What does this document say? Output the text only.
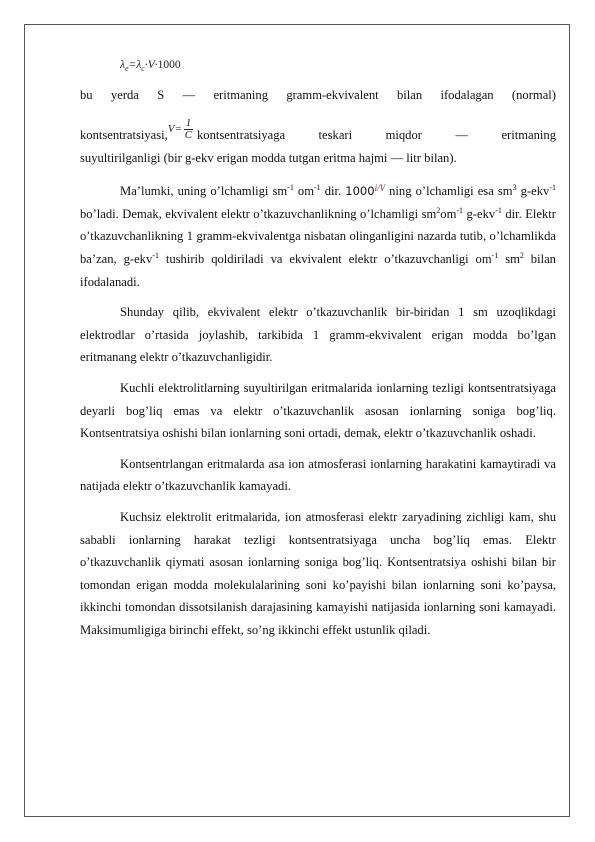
$\lambda_e=\lambda_c\cdot V\cdot 1000$

bu yerda S — eritmaning gramm-ekvivalent bilan ifodalagan (normal)

kontsentratsiyasi, V =
1
C kontsentratsiyaga teskari miqdor — eritmaning

suyultirilganligi (bir g-ekv erigan modda tutgan eritma hajmi — litr bilan).

Ma’lumki, uning o’lchamligi $sm^{-1}$ $om^{-1}$ dir. $1000^{i/V}$ ning o’lchamligi esa $sm^3$ g-ekv$^{-1}$ bo’ladi. Demak, ekvivalent elektr o’tkazuvchanlikning o’lchamligi $sm^2om^{-1}$ g-ekv$^{-1}$ dir. Elektr o’tkazuvchanlikning 1 gramm-ekvivalentga nisbatan olinganligini nazarda tutib, o’lchamlikda ba’zan, g-ekv$^{-1}$ tushirib qoldiriladi va ekvivalent elektr o’tkazuvchanligi $om^{-1}$ $sm^2$ bilan ifodalanadi.

Shunday qilib, ekvivalent elektr o’tkazuvchanlik bir-biridan 1 sm uzoqlikdagi elektrodlar o’rtasida joylashib, tarkibida 1 gramm-ekvivalent erigan modda bo’lgan eritmanang elektr o’tkazuvchanligidir.

Kuchli elektrolitlarning suyultirilgan eritmalarida ionlarning tezligi kontsentratsiyaga deyarli bog’liq emas va elektr o’tkazuvchanlik asosan ionlarning soniga bog’liq. Kontsentratsiya oshishi bilan ionlarning soni ortadi, demak, elektr o’tkazuvchanlik oshadi.

Kontsentrlangan eritmalarda asa ion atmosferasi ionlarning harakatini kamaytiradi va natijada elektr o’tkazuvchanlik kamayadi.

Kuchsiz elektrolit eritmalarida, ion atmosferasi elektr zaryadining zichligi kam, shu sababli ionlarning harakat tezligi kontsentratsiyaga uncha bog’liq emas. Elektr o’tkazuvchanlik qiymati asosan ionlarning soniga bog’liq. Kontsentratsiya oshishi bilan bir tomondan erigan modda molekulalarining soni ko’payishi bilan ionlarning soni ko’paysa, ikkinchi tomondan dissotsilanish darajasining kamayishi natijasida ionlarning soni kamayadi. Maksimumligiga birinchi effekt, so’ng ikkinchi effekt ustunlik qiladi.
